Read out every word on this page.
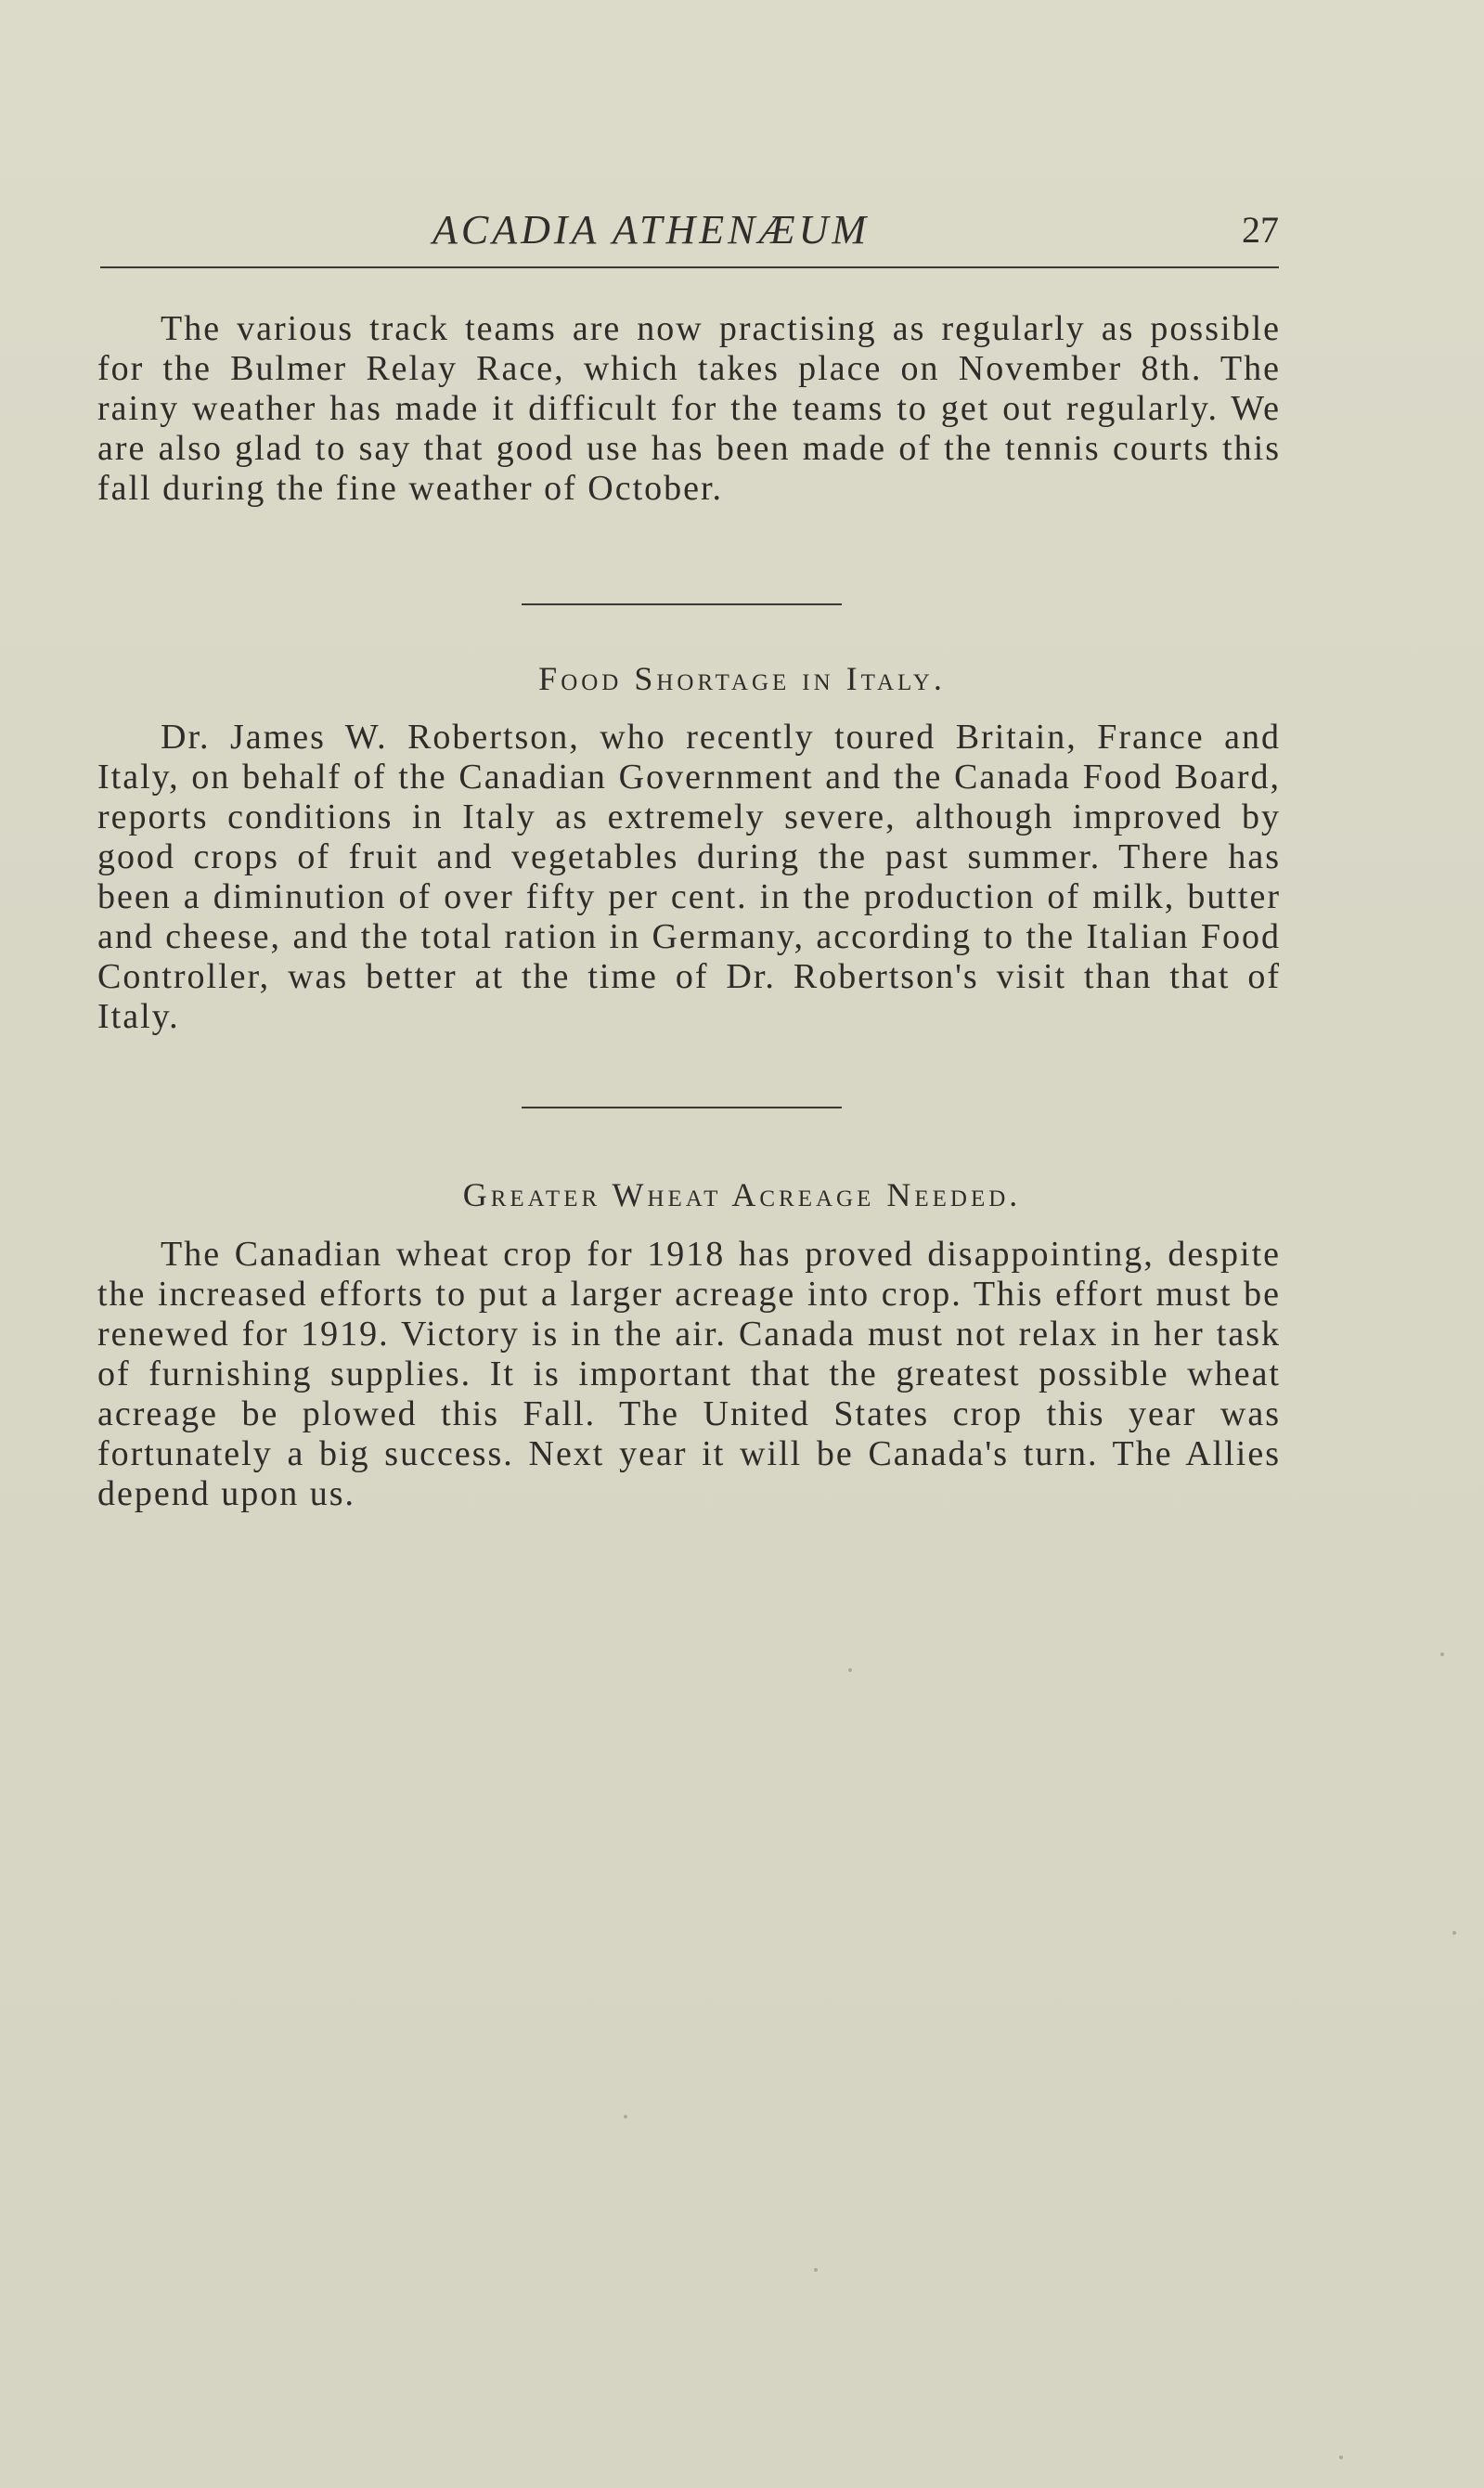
ACADIA ATHENÆUM	27

The various track teams are now practising as regularly as possible for the Bulmer Relay Race, which takes place on November 8th. The rainy weather has made it difficult for the teams to get out regularly. We are also glad to say that good use has been made of the tennis courts this fall during the fine weather of October.

Food Shortage in Italy.

Dr. James W. Robertson, who recently toured Britain, France and Italy, on behalf of the Canadian Government and the Canada Food Board, reports conditions in Italy as extremely severe, although improved by good crops of fruit and vegetables during the past summer. There has been a diminution of over fifty per cent. in the production of milk, butter and cheese, and the total ration in Germany, according to the Italian Food Controller, was better at the time of Dr. Robertson's visit than that of Italy.

Greater Wheat Acreage Needed.

The Canadian wheat crop for 1918 has proved disappointing, despite the increased efforts to put a larger acreage into crop. This effort must be renewed for 1919. Victory is in the air. Canada must not relax in her task of furnishing supplies. It is important that the greatest possible wheat acreage be plowed this Fall. The United States crop this year was fortunately a big success. Next year it will be Canada's turn. The Allies depend upon us.
